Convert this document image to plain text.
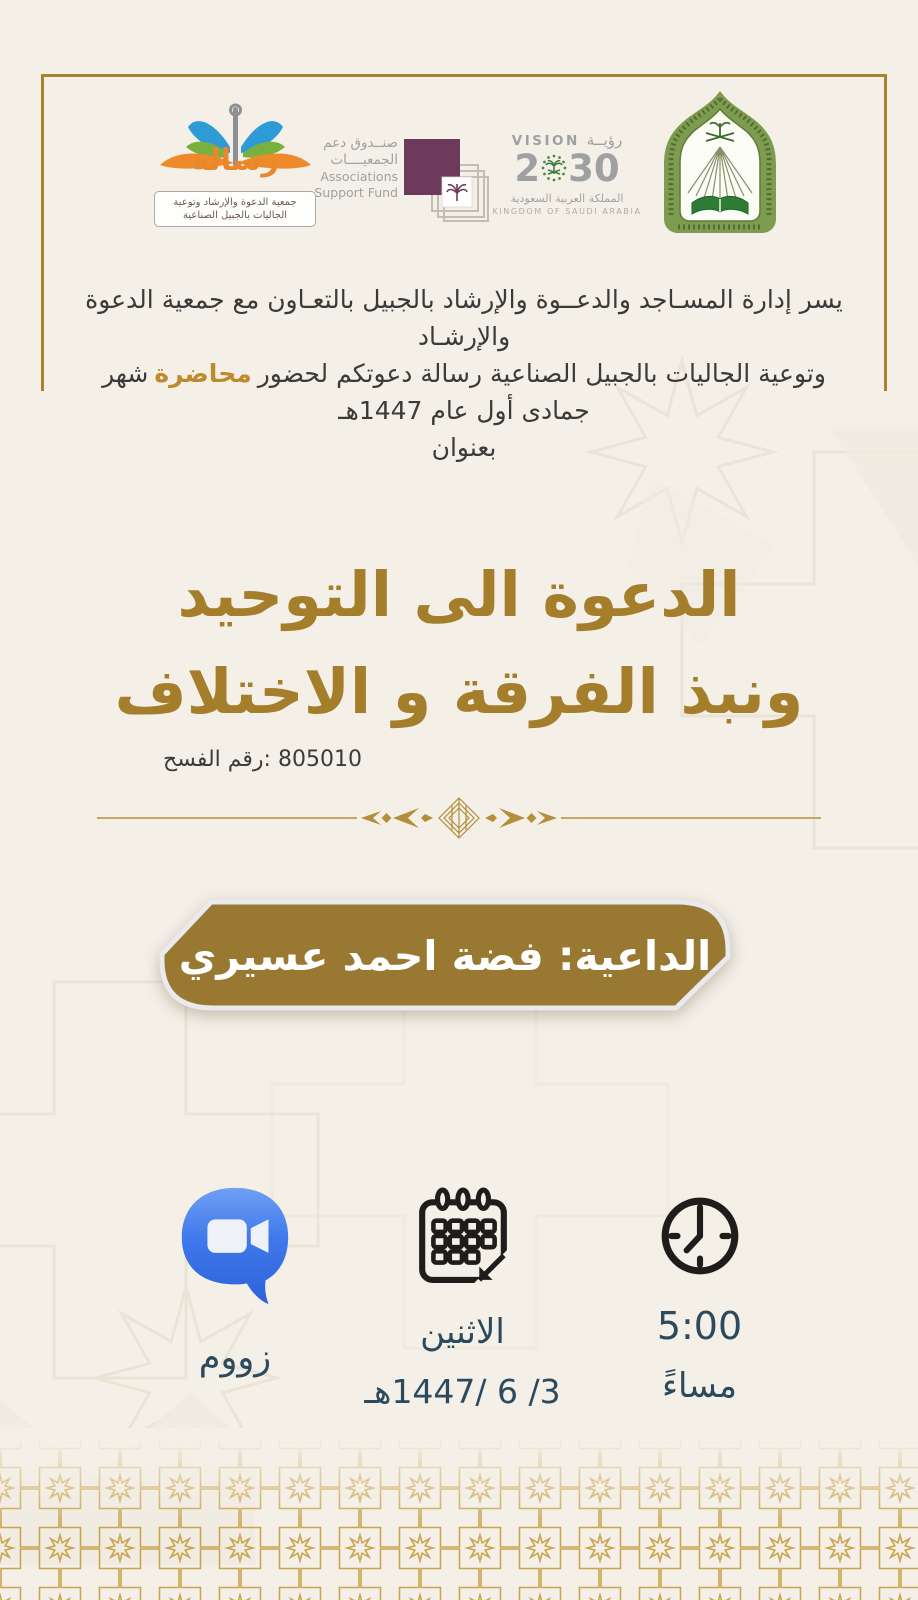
رسالة
جمعية الدعوة والإرشاد وتوعية
الجاليات بالجبيل الصناعية
صنــدوق دعم
الجمعيــــات
Associations
Support Fund
VISION رؤيــة
2 30
المملكة العربية السعودية
KINGDOM OF SAUDI ARABIA
يسر إدارة المسـاجد والدعــوة والإرشاد بالجبيل بالتعـاون مع جمعية الدعوة والإرشـاد
وتوعية الجاليات بالجبيل الصناعية رسالة دعوتكم لحضورمحاضرةشهر جمادى أول عام 1447هـ
بعنوان
الدعوة الى التوحيد
ونبذ الفرقة و الاختلاف
رقم الفسح : 805010
الداعية: فضة احمد عسيري
زووم
الاثنين
1447هـ / 6 / 3
5:00
مساءً
